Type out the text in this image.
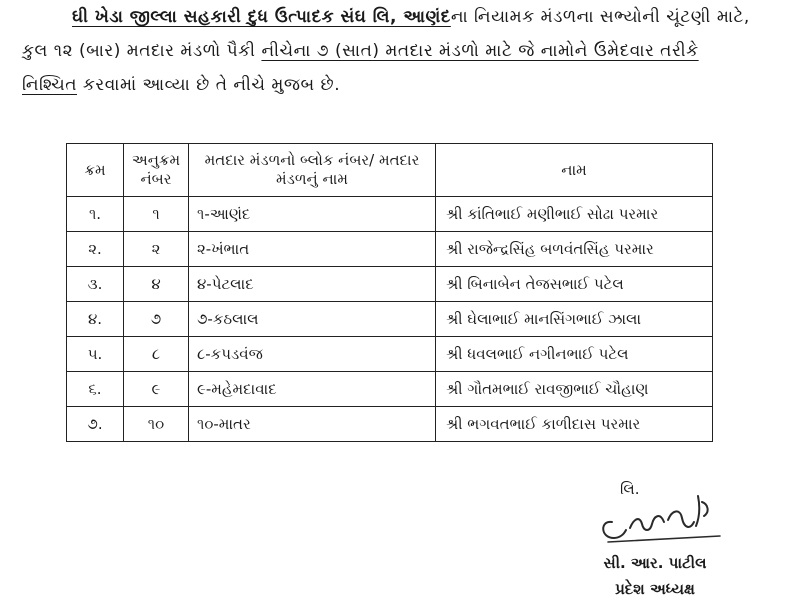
ઘી ખેડા જીલ્લા સહકારી દુધ ઉત્પાદક સંઘ લિ, આણંદના નિયામક મંડળના સભ્યોની ચૂંટણી માટે,
કુલ ૧૨ (બાર) મતદાર મંડળો પૈકી નીચેના ૭ (સાત) મતદાર મંડળો માટે જે નામોને ઉમેદવાર તરીકે
નિશ્ચિત કરવામાં આવ્યા છે તે નીચે મુજબ છે.
ક્રમ	અનુક્રમ નંબર	મતદાર મંડળનો બ્લોક નંબર/ મતદાર મંડળનું નામ	નામ
૧.	૧	૧-આણંદ	શ્રી કાંતિભાઈ મણીભાઈ સોઢા પરમાર
૨.	૨	૨-ખંભાત	શ્રી રાજેન્દ્રસિંહ બળવંતસિંહ પરમાર
૩.	૪	૪-પેટલાદ	શ્રી બિનાબેન તેજસભાઈ પટેલ
૪.	૭	૭-કઠલાલ	શ્રી ઘેલાભાઈ માનસિંગભાઈ ઝાલા
૫.	૮	૮-કપડવંજ	શ્રી ધવલભાઈ નગીનભાઈ પટેલ
૬.	૯	૯-મહેમદાવાદ	શ્રી ગૌતમભાઈ રાવજીભાઈ ચૌહાણ
૭.	૧૦	૧૦-માતર	શ્રી ભગવતભાઈ કાળીદાસ પરમાર
લિ.
સી. આર. પાટીલ
પ્રદેશ અધ્યક્ષ
